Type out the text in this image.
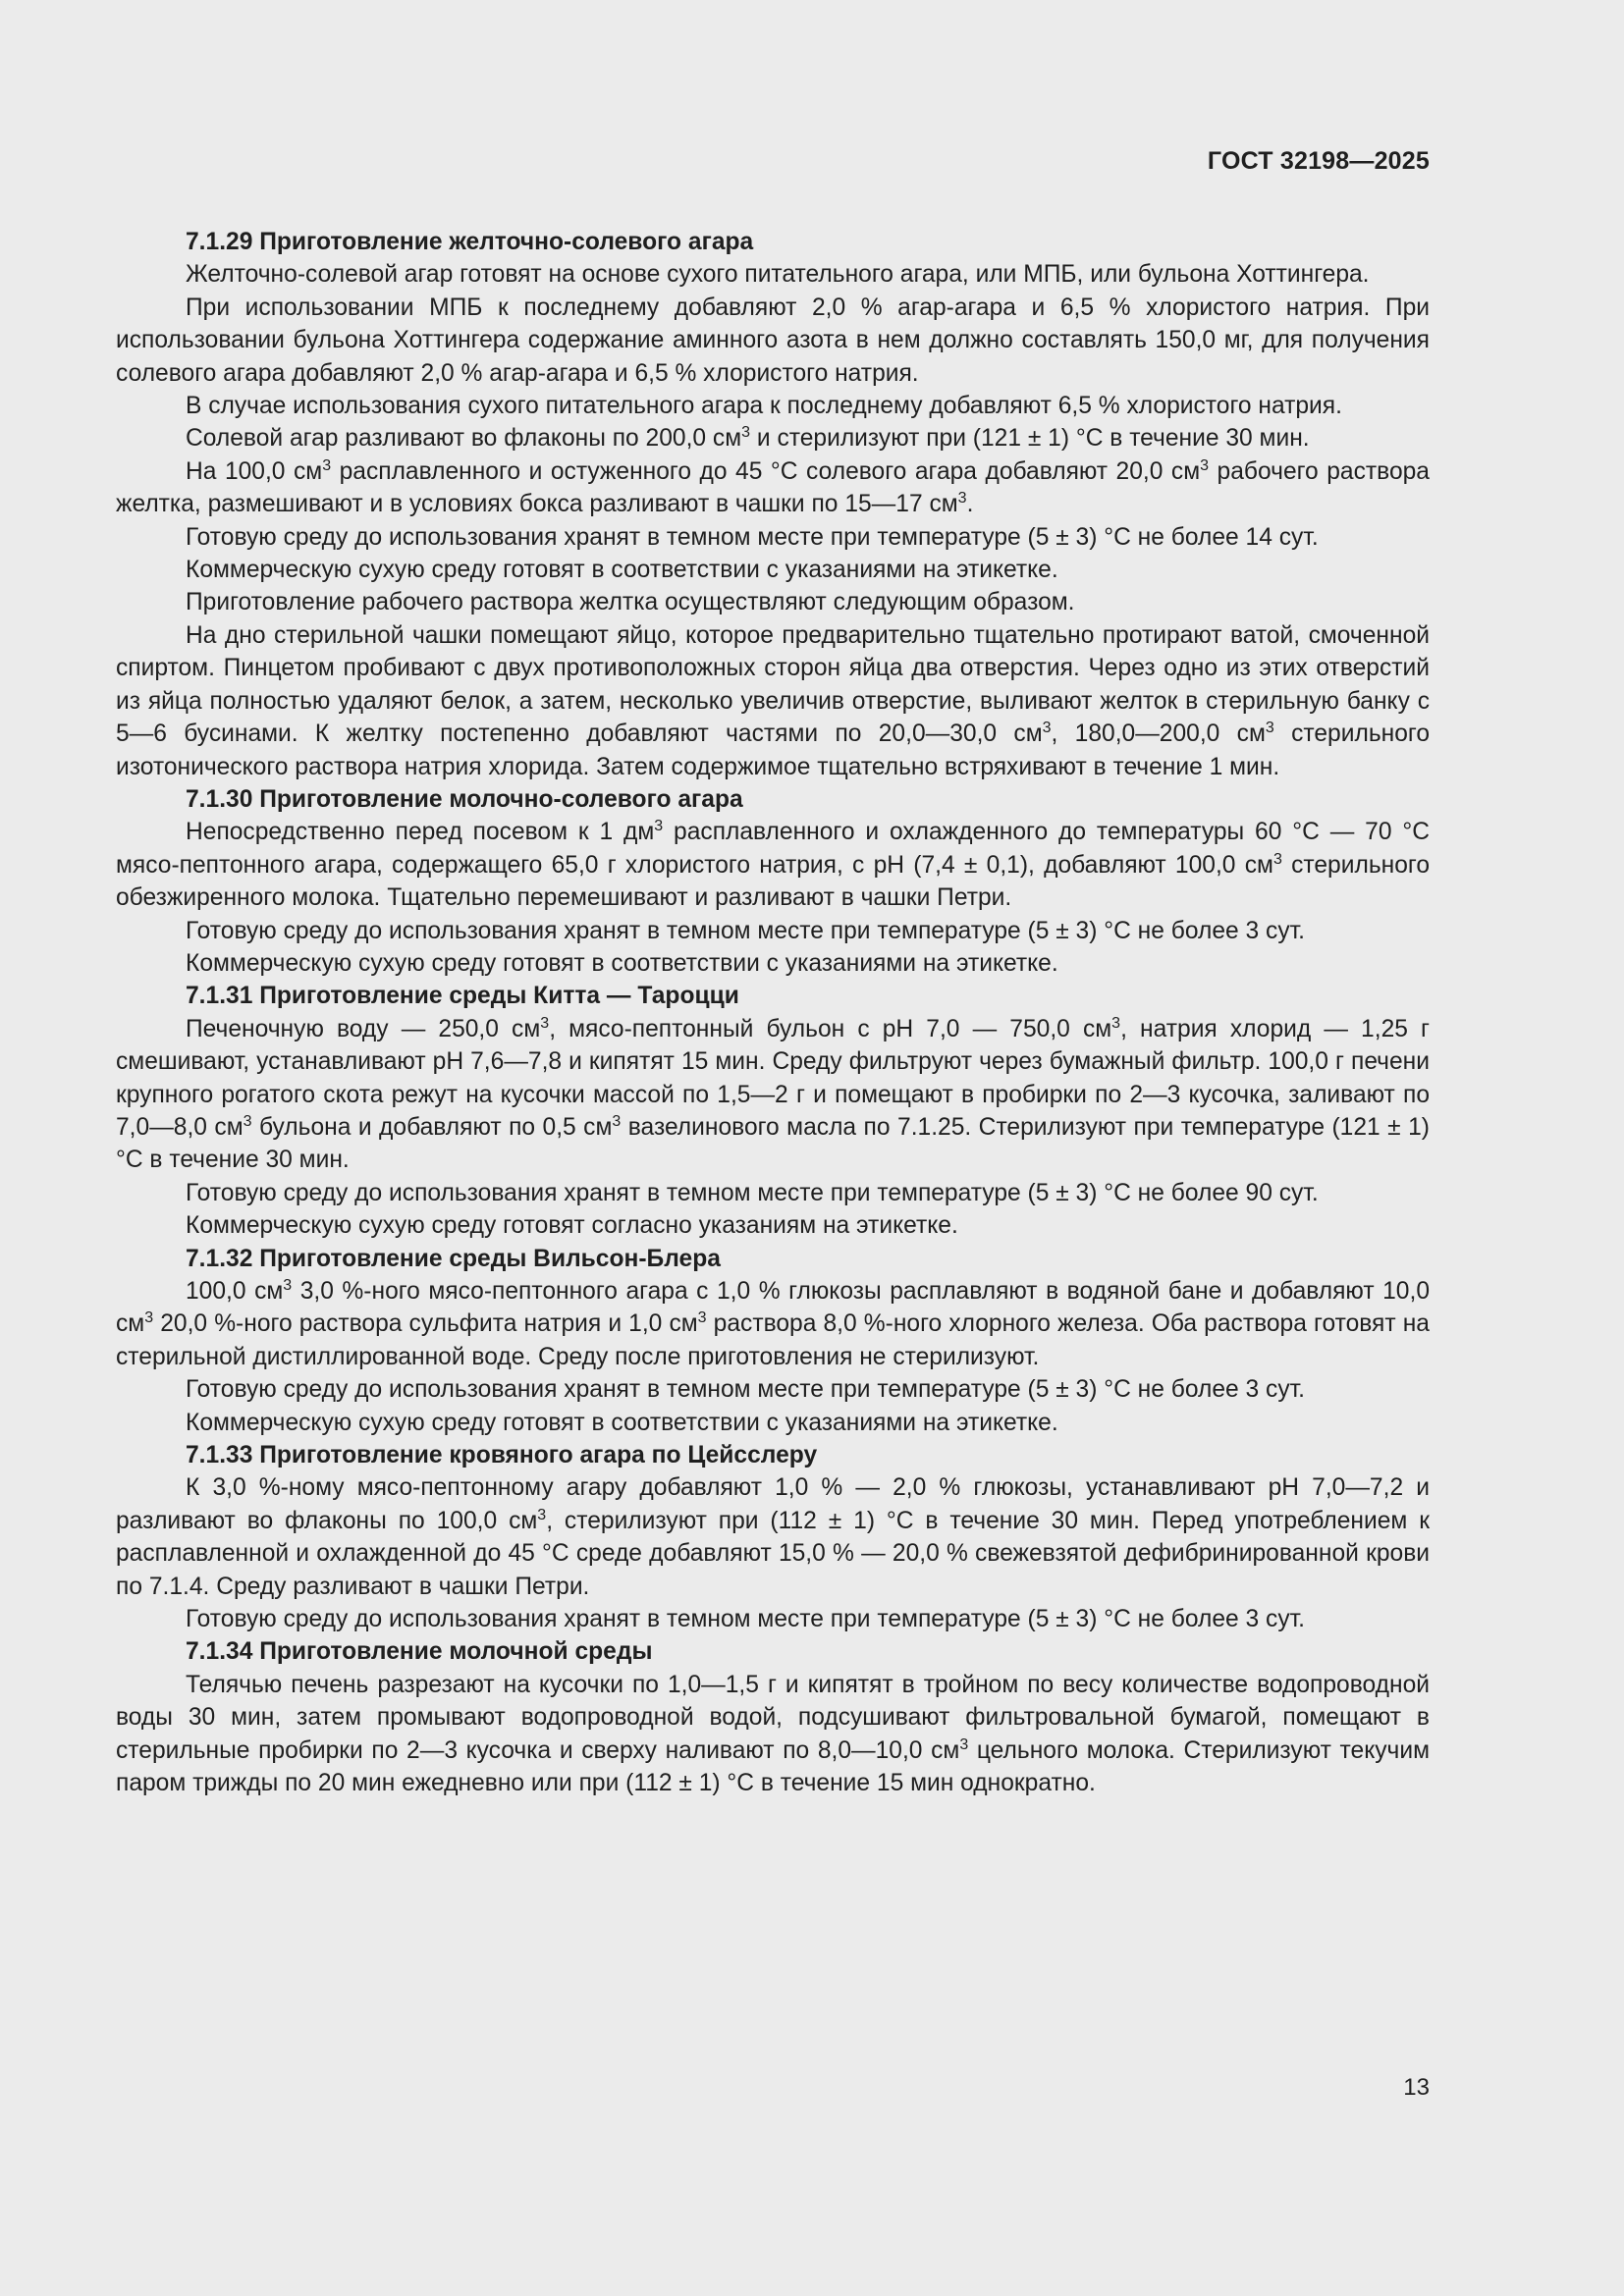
ГОСТ 32198—2025
7.1.29 Приготовление желточно-солевого агара
Желточно-солевой агар готовят на основе сухого питательного агара, или МПБ, или бульона Хоттингера.
При использовании МПБ к последнему добавляют 2,0 % агар-агара и 6,5 % хлористого натрия. При использовании бульона Хоттингера содержание аминного азота в нем должно составлять 150,0 мг, для получения солевого агара добавляют 2,0 % агар-агара и 6,5 % хлористого натрия.
В случае использования сухого питательного агара к последнему добавляют 6,5 % хлористого натрия.
Солевой агар разливают во флаконы по 200,0 $см^3$ и стерилизуют при (121 ± 1) °С в течение 30 мин.
На 100,0 $см^3$ расплавленного и остуженного до 45 °С солевого агара добавляют 20,0 $см^3$ рабочего раствора желтка, размешивают и в условиях бокса разливают в чашки по 15—17 $см^3$.
Готовую среду до использования хранят в темном месте при температуре (5 ± 3) °С не более 14 сут.
Коммерческую сухую среду готовят в соответствии с указаниями на этикетке.
Приготовление рабочего раствора желтка осуществляют следующим образом.
На дно стерильной чашки помещают яйцо, которое предварительно тщательно протирают ватой, смоченной спиртом. Пинцетом пробивают с двух противоположных сторон яйца два отверстия. Через одно из этих отверстий из яйца полностью удаляют белок, а затем, несколько увеличив отверстие, выливают желток в стерильную банку с 5—6 бусинами. К желтку постепенно добавляют частями по 20,0—30,0 $см^3$, 180,0—200,0 $см^3$ стерильного изотонического раствора натрия хлорида. Затем содержимое тщательно встряхивают в течение 1 мин.
7.1.30 Приготовление молочно-солевого агара
Непосредственно перед посевом к 1 $дм^3$ расплавленного и охлажденного до температуры 60 °С — 70 °С мясо-пептонного агара, содержащего 65,0 г хлористого натрия, с рН (7,4 ± 0,1), добавляют 100,0 $см^3$ стерильного обезжиренного молока. Тщательно перемешивают и разливают в чашки Петри.
Готовую среду до использования хранят в темном месте при температуре (5 ± 3) °С не более 3 сут.
Коммерческую сухую среду готовят в соответствии с указаниями на этикетке.
7.1.31 Приготовление среды Китта — Тароцци
Печеночную воду — 250,0 $см^3$, мясо-пептонный бульон с рН 7,0 — 750,0 $см^3$, натрия хлорид — 1,25 г смешивают, устанавливают рН 7,6—7,8 и кипятят 15 мин. Среду фильтруют через бумажный фильтр. 100,0 г печени крупного рогатого скота режут на кусочки массой по 1,5—2 г и помещают в пробирки по 2—3 кусочка, заливают по 7,0—8,0 $см^3$ бульона и добавляют по 0,5 $см^3$ вазелинового масла по 7.1.25. Стерилизуют при температуре (121 ± 1) °С в течение 30 мин.
Готовую среду до использования хранят в темном месте при температуре (5 ± 3) °С не более 90 сут.
Коммерческую сухую среду готовят согласно указаниям на этикетке.
7.1.32 Приготовление среды Вильсон-Блера
100,0 $см^3$ 3,0 %-ного мясо-пептонного агара с 1,0 % глюкозы расплавляют в водяной бане и добавляют 10,0 $см^3$ 20,0 %-ного раствора сульфита натрия и 1,0 $см^3$ раствора 8,0 %-ного хлорного железа. Оба раствора готовят на стерильной дистиллированной воде. Среду после приготовления не стерилизуют.
Готовую среду до использования хранят в темном месте при температуре (5 ± 3) °С не более 3 сут.
Коммерческую сухую среду готовят в соответствии с указаниями на этикетке.
7.1.33 Приготовление кровяного агара по Цейсслеру
К 3,0 %-ному мясо-пептонному агару добавляют 1,0 % — 2,0 % глюкозы, устанавливают рН 7,0—7,2 и разливают во флаконы по 100,0 $см^3$, стерилизуют при (112 ± 1) °С в течение 30 мин. Перед употреблением к расплавленной и охлажденной до 45 °С среде добавляют 15,0 % — 20,0 % свежевзятой дефибринированной крови по 7.1.4. Среду разливают в чашки Петри.
Готовую среду до использования хранят в темном месте при температуре (5 ± 3) °С не более 3 сут.
7.1.34 Приготовление молочной среды
Телячью печень разрезают на кусочки по 1,0—1,5 г и кипятят в тройном по весу количестве водопроводной воды 30 мин, затем промывают водопроводной водой, подсушивают фильтровальной бумагой, помещают в стерильные пробирки по 2—3 кусочка и сверху наливают по 8,0—10,0 $см^3$ цельного молока. Стерилизуют текучим паром трижды по 20 мин ежедневно или при (112 ± 1) °С в течение 15 мин однократно.
13
